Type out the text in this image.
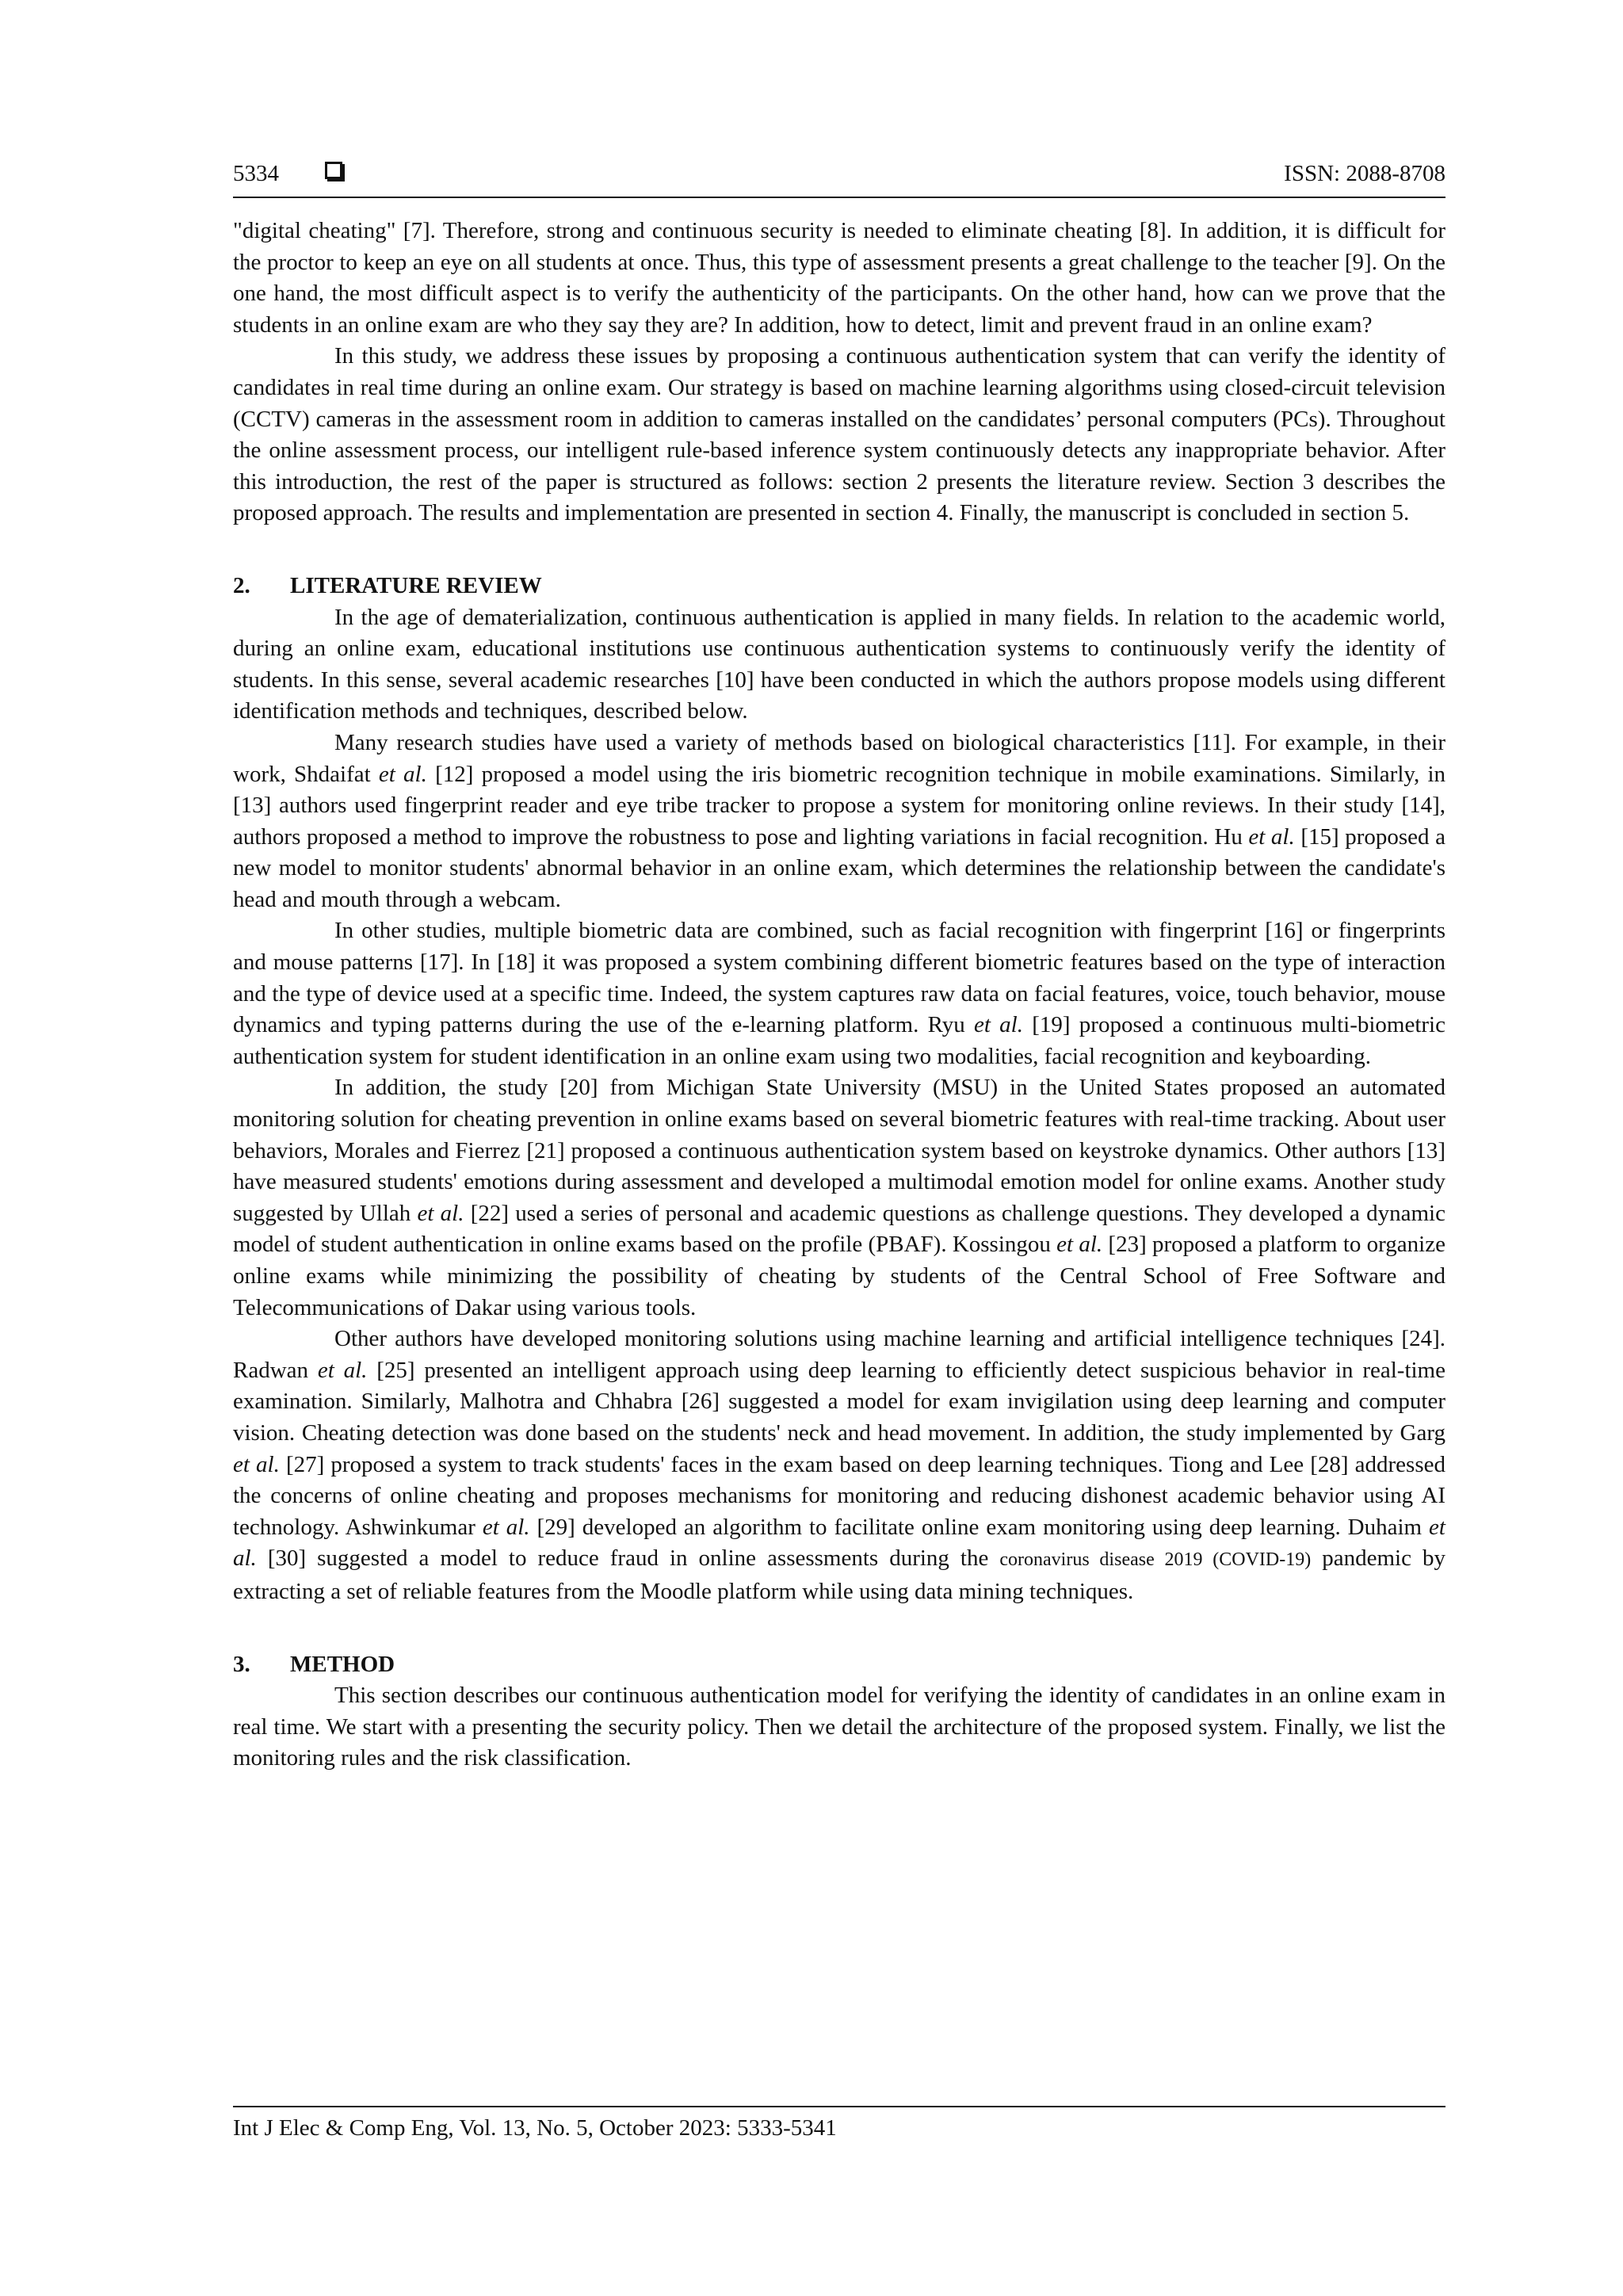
5334	ISSN: 2088-8708

"digital cheating" [7]. Therefore, strong and continuous security is needed to eliminate cheating [8]. In addition, it is difficult for the proctor to keep an eye on all students at once. Thus, this type of assessment presents a great challenge to the teacher [9]. On the one hand, the most difficult aspect is to verify the authenticity of the participants. On the other hand, how can we prove that the students in an online exam are who they say they are? In addition, how to detect, limit and prevent fraud in an online exam?

In this study, we address these issues by proposing a continuous authentication system that can verify the identity of candidates in real time during an online exam. Our strategy is based on machine learning algorithms using closed-circuit television (CCTV) cameras in the assessment room in addition to cameras installed on the candidates’ personal computers (PCs). Throughout the online assessment process, our intelligent rule-based inference system continuously detects any inappropriate behavior. After this introduction, the rest of the paper is structured as follows: section 2 presents the literature review. Section 3 describes the proposed approach. The results and implementation are presented in section 4. Finally, the manuscript is concluded in section 5.

2. LITERATURE REVIEW

In the age of dematerialization, continuous authentication is applied in many fields. In relation to the academic world, during an online exam, educational institutions use continuous authentication systems to continuously verify the identity of students. In this sense, several academic researches [10] have been conducted in which the authors propose models using different identification methods and techniques, described below.

Many research studies have used a variety of methods based on biological characteristics [11]. For example, in their work, Shdaifat et al. [12] proposed a model using the iris biometric recognition technique in mobile examinations. Similarly, in [13] authors used fingerprint reader and eye tribe tracker to propose a system for monitoring online reviews. In their study [14], authors proposed a method to improve the robustness to pose and lighting variations in facial recognition. Hu et al. [15] proposed a new model to monitor students' abnormal behavior in an online exam, which determines the relationship between the candidate's head and mouth through a webcam.

In other studies, multiple biometric data are combined, such as facial recognition with fingerprint [16] or fingerprints and mouse patterns [17]. In [18] it was proposed a system combining different biometric features based on the type of interaction and the type of device used at a specific time. Indeed, the system captures raw data on facial features, voice, touch behavior, mouse dynamics and typing patterns during the use of the e-learning platform. Ryu et al. [19] proposed a continuous multi-biometric authentication system for student identification in an online exam using two modalities, facial recognition and keyboarding.

In addition, the study [20] from Michigan State University (MSU) in the United States proposed an automated monitoring solution for cheating prevention in online exams based on several biometric features with real-time tracking. About user behaviors, Morales and Fierrez [21] proposed a continuous authentication system based on keystroke dynamics. Other authors [13] have measured students' emotions during assessment and developed a multimodal emotion model for online exams. Another study suggested by Ullah et al. [22] used a series of personal and academic questions as challenge questions. They developed a dynamic model of student authentication in online exams based on the profile (PBAF). Kossingou et al. [23] proposed a platform to organize online exams while minimizing the possibility of cheating by students of the Central School of Free Software and Telecommunications of Dakar using various tools.

Other authors have developed monitoring solutions using machine learning and artificial intelligence techniques [24]. Radwan et al. [25] presented an intelligent approach using deep learning to efficiently detect suspicious behavior in real-time examination. Similarly, Malhotra and Chhabra [26] suggested a model for exam invigilation using deep learning and computer vision. Cheating detection was done based on the students' neck and head movement. In addition, the study implemented by Garg et al. [27] proposed a system to track students' faces in the exam based on deep learning techniques. Tiong and Lee [28] addressed the concerns of online cheating and proposes mechanisms for monitoring and reducing dishonest academic behavior using AI technology. Ashwinkumar et al. [29] developed an algorithm to facilitate online exam monitoring using deep learning. Duhaim et al. [30] suggested a model to reduce fraud in online assessments during the coronavirus disease 2019 (COVID-19) pandemic by extracting a set of reliable features from the Moodle platform while using data mining techniques.

3. METHOD

This section describes our continuous authentication model for verifying the identity of candidates in an online exam in real time. We start with a presenting the security policy. Then we detail the architecture of the proposed system. Finally, we list the monitoring rules and the risk classification.

Int J Elec & Comp Eng, Vol. 13, No. 5, October 2023: 5333-5341
